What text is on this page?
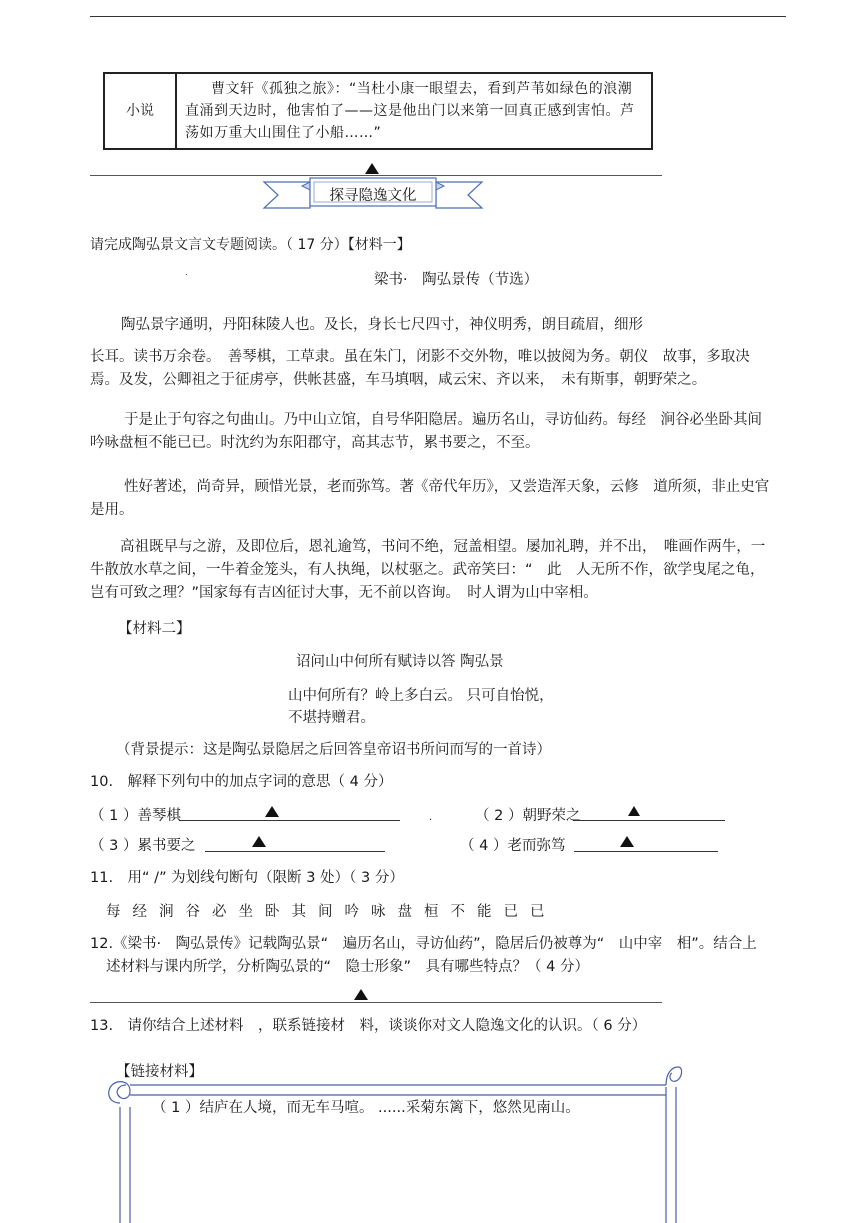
小说	曹文轩《孤独之旅》：“当杜小康一眼望去，看到芦苇如绿色的浪潮直涌到天边时，他害怕了——这是他出门以来第一回真正感到害怕。芦荡如万重大山围住了小船……”
探寻隐逸文化
请完成陶弘景文言文专题阅读。（ 17 分）【材料一】
梁书·　陶弘景传（节选）
.
陶弘景字通明，丹阳秣陵人也。及长，身长七尺四寸，神仪明秀，朗目疏眉，细形
长耳。读书万余卷。　善琴棋，工草隶。虽在朱门，闭影不交外物，唯以披阅为务。朝仪　故事，多取决焉。及发，公卿祖之于征虏亭，供帐甚盛，车马填咽，咸云宋、齐以来，　未有斯事，朝野荣之。
于是止于句容之句曲山。乃中山立馆，自号华阳隐居。遍历名山，寻访仙药。每经　涧谷必坐卧其间吟咏盘桓不能已已。时沈约为东阳郡守，高其志节，累书要之，不至。
性好著述，尚奇异，顾惜光景，老而弥笃。著《帝代年历》，又尝造浑天象，云修　道所须，非止史官是用。
高祖既早与之游，及即位后，恩礼逾笃，书问不绝，冠盖相望。屡加礼聘，并不出，　唯画作两牛，一牛散放水草之间，一牛着金笼头，有人执绳，以杖驱之。武帝笑曰：“　此　人无所不作，欲学曳尾之龟，岂有可致之理？”国家每有吉凶征讨大事，无不前以咨询。　时人谓为山中宰相。
【材料二】
诏问山中何所有赋诗以答 陶弘景
山中何所有？岭上多白云。 只可自怡悦，
不堪持赠君。
（背景提示：这是陶弘景隐居之后回答皇帝诏书所问而写的一首诗）
10.　解释下列句中的加点字词的意思（ 4 分）
（ 1 ）善琴棋	.	（ 2 ）朝野荣之
（ 3 ）累书要之	（ 4 ）老而弥笃
11.　用“ /” 为划线句断句（限断 3 处）（ 3 分）
每 经 涧 谷 必 坐 卧 其 间 吟 咏 盘 桓 不 能 已 已
12.《梁书·　陶弘景传》记载陶弘景“　遍历名山，寻访仙药”，隐居后仍被尊为“　山中宰　相”。结合上述材料与课内所学，分析陶弘景的“　隐士形象”　具有哪些特点？（ 4 分）
13.　请你结合上述材料　，联系链接材　料，谈谈你对文人隐逸文化的认识。（ 6 分）
【链接材料】
（ 1 ）结庐在人境，而无车马喧。 ......采菊东篱下，悠然见南山。
